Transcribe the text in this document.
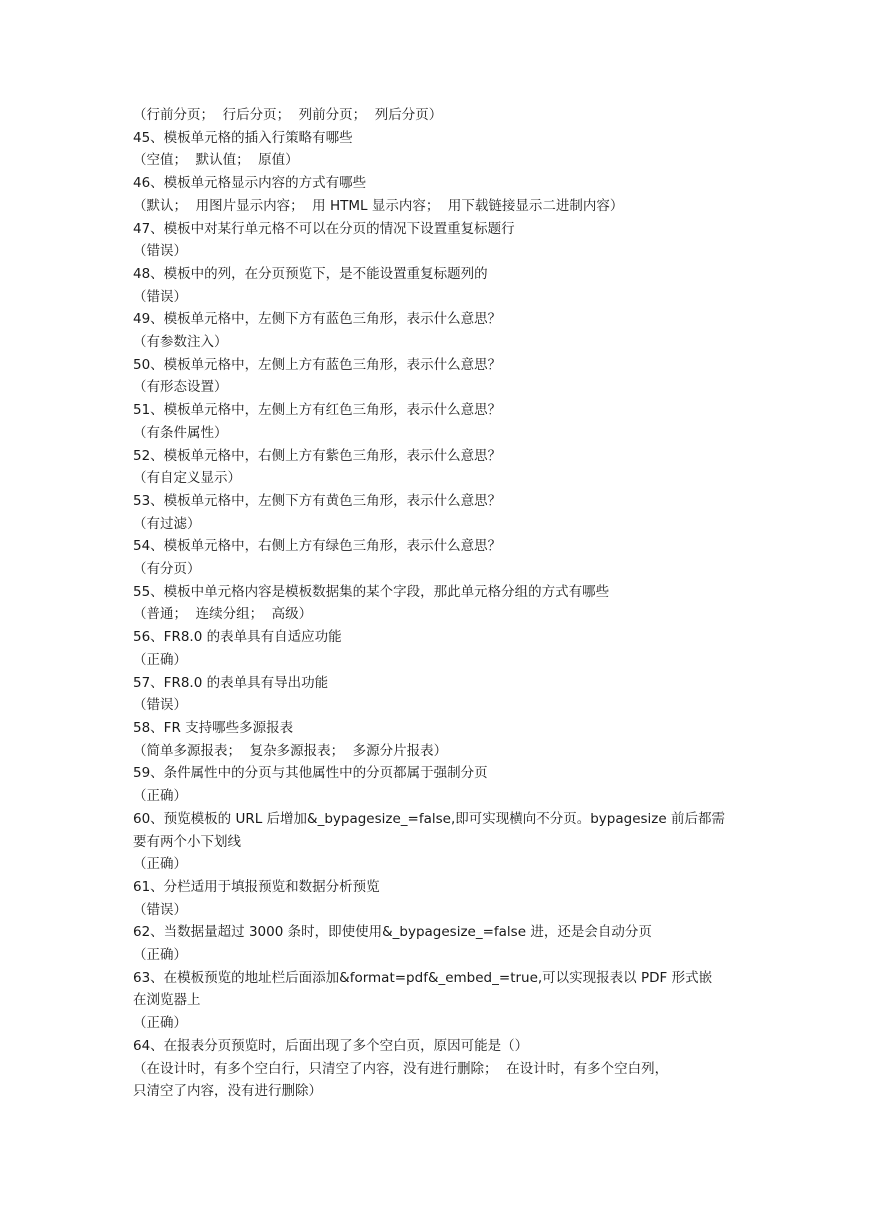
（行前分页；  行后分页；  列前分页；  列后分页）

45、模板单元格的插入行策略有哪些

（空值；  默认值；  原值）

46、模板单元格显示内容的方式有哪些

（默认；  用图片显示内容；  用 HTML 显示内容；  用下载链接显示二进制内容）

47、模板中对某行单元格不可以在分页的情况下设置重复标题行

（错误）

48、模板中的列，在分页预览下，是不能设置重复标题列的

（错误）

49、模板单元格中，左侧下方有蓝色三角形，表示什么意思？

（有参数注入）

50、模板单元格中，左侧上方有蓝色三角形，表示什么意思？

（有形态设置）

51、模板单元格中，左侧上方有红色三角形，表示什么意思？

（有条件属性）

52、模板单元格中，右侧上方有紫色三角形，表示什么意思？

（有自定义显示）

53、模板单元格中，左侧下方有黄色三角形，表示什么意思？

（有过滤）

54、模板单元格中，右侧上方有绿色三角形，表示什么意思？

（有分页）

55、模板中单元格内容是模板数据集的某个字段，那此单元格分组的方式有哪些

（普通；  连续分组；  高级）

56、FR8.0 的表单具有自适应功能

（正确）

57、FR8.0 的表单具有导出功能

（错误）

58、FR 支持哪些多源报表

（简单多源报表；  复杂多源报表；  多源分片报表）

59、条件属性中的分页与其他属性中的分页都属于强制分页

（正确）

60、预览模板的 URL 后增加&_bypagesize_=false,即可实现横向不分页。bypagesize 前后都需

要有两个小下划线

（正确）

61、分栏适用于填报预览和数据分析预览

（错误）

62、当数据量超过 3000 条时，即使使用&_bypagesize_=false 进，还是会自动分页

（正确）

63、在模板预览的地址栏后面添加&format=pdf&_embed_=true,可以实现报表以 PDF 形式嵌

在浏览器上

（正确）

64、在报表分页预览时，后面出现了多个空白页，原因可能是（）

（在设计时，有多个空白行，只清空了内容，没有进行删除；  在设计时，有多个空白列，

只清空了内容，没有进行删除）
